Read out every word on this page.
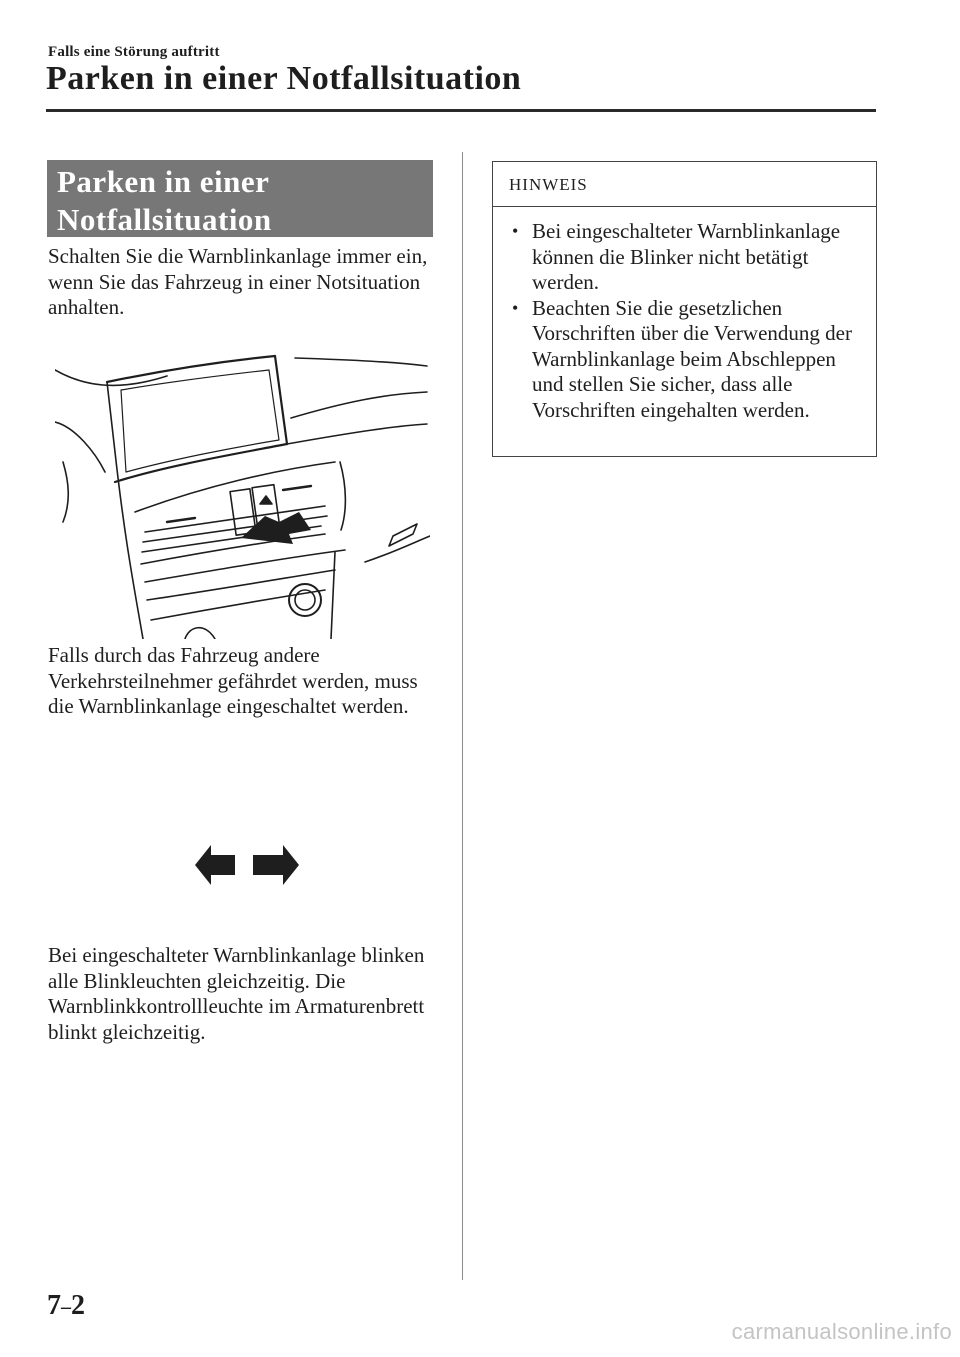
Falls eine Störung auftritt
Parken in einer Notfallsituation
Parken in einer
Notfallsituation

Schalten Sie die Warnblinkanlage immer ein, wenn Sie das Fahrzeug in einer Notsituation anhalten.

Falls durch das Fahrzeug andere Verkehrsteilnehmer gefährdet werden, muss die Warnblinkanlage eingeschaltet werden.

Bei eingeschalteter Warnblinkanlage blinken alle Blinkleuchten gleichzeitig. Die Warnblinkkontrollleuchte im Armaturenbrett blinkt gleichzeitig.

HINWEIS
• Bei eingeschalteter Warnblinkanlage können die Blinker nicht betätigt werden.
• Beachten Sie die gesetzlichen Vorschriften über die Verwendung der Warnblinkanlage beim Abschleppen und stellen Sie sicher, dass alle Vorschriften eingehalten werden.
7–2
carmanualsonline.info
